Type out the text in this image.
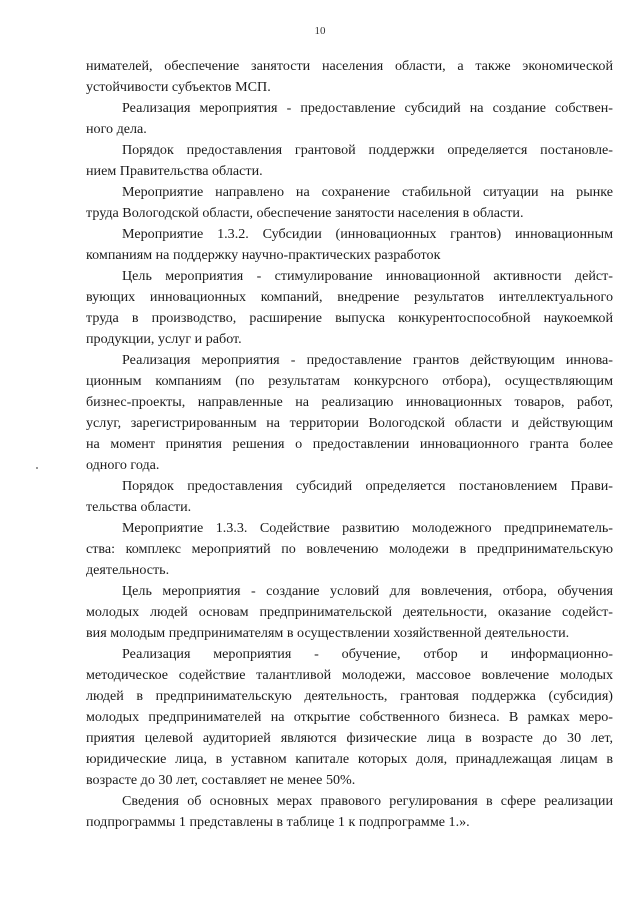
10
нимателей, обеспечение занятости населения области, а также экономической
устойчивости субъектов МСП.
Реализация мероприятия - предоставление субсидий на создание собствен-
ного дела.
Порядок предоставления грантовой поддержки определяется постановле-
нием Правительства области.
Мероприятие направлено на сохранение стабильной ситуации на рынке
труда Вологодской области, обеспечение занятости населения в области.
Мероприятие 1.3.2. Субсидии (инновационных грантов) инновационным
компаниям на поддержку научно-практических разработок
Цель мероприятия - стимулирование инновационной активности дейст-
вующих инновационных компаний, внедрение результатов интеллектуального
труда в производство, расширение выпуска конкурентоспособной наукоемкой
продукции, услуг и работ.
Реализация мероприятия - предоставление грантов действующим иннова-
ционным компаниям (по результатам конкурсного отбора), осуществляющим
бизнес-проекты, направленные на реализацию инновационных товаров, работ,
услуг, зарегистрированным на территории Вологодской области и действующим
на момент принятия решения о предоставлении инновационного гранта более
одного года.
Порядок предоставления субсидий определяется постановлением Прави-
тельства области.
Мероприятие 1.3.3. Содействие развитию молодежного предпринематель-
ства: комплекс мероприятий по вовлечению молодежи в предпринимательскую
деятельность.
Цель мероприятия - создание условий для вовлечения, отбора, обучения
молодых людей основам предпринимательской деятельности, оказание содейст-
вия молодым предпринимателям в осуществлении хозяйственной деятельности.
Реализация мероприятия - обучение, отбор и информационно-
методическое содействие талантливой молодежи, массовое вовлечение молодых
людей в предпринимательскую деятельность, грантовая поддержка (субсидия)
молодых предпринимателей на открытие собственного бизнеса. В рамках меро-
приятия целевой аудиторией являются физические лица в возрасте до 30 лет,
юридические лица, в уставном капитале которых доля, принадлежащая лицам в
возрасте до 30 лет, составляет не менее 50%.
Сведения об основных мерах правового регулирования в сфере реализации
подпрограммы 1 представлены в таблице 1 к подпрограмме 1.».
